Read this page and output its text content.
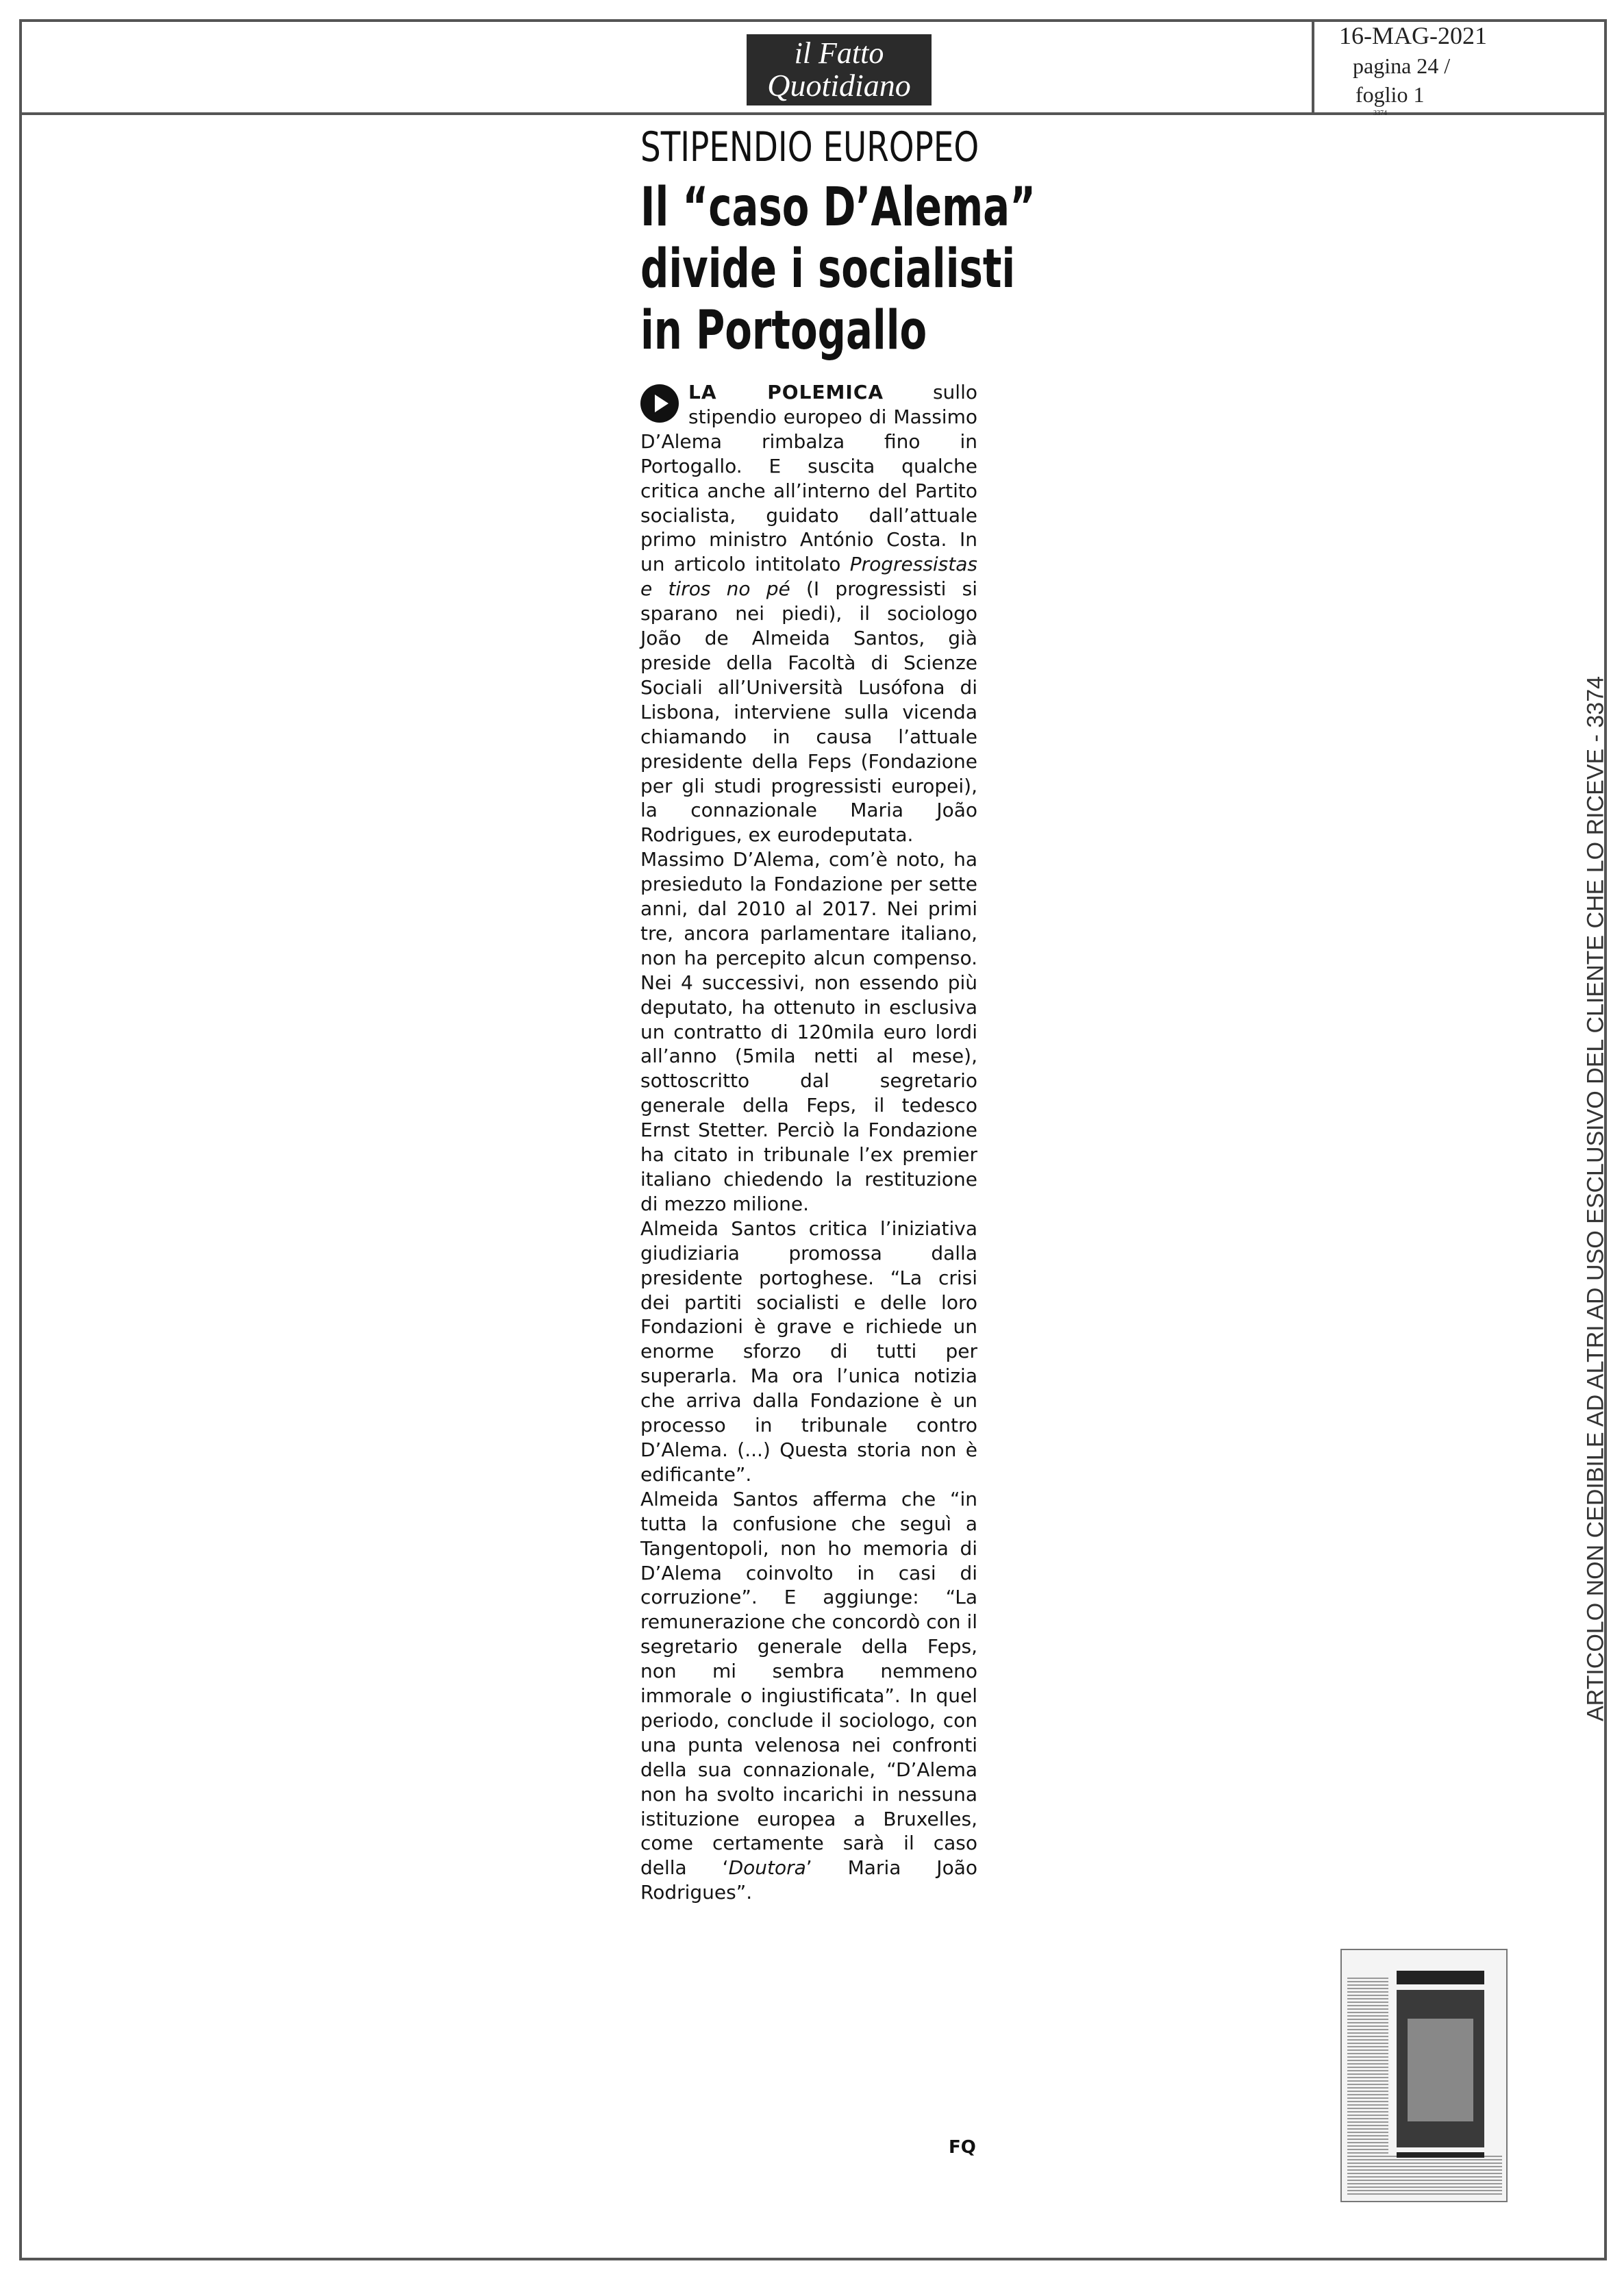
il Fatto
Quotidiano
16-MAG-2021
pagina 24 /
foglio 1
3374
STIPENDIO EUROPEO
Il “caso D’Alema”
divide i socialisti
in Portogallo

LA POLEMICA sullo stipendio europeo di Massimo D’Alema rimbalza fino in Portogallo. E suscita qualche critica anche all’interno del Partito socialista, guidato dall’attuale primo ministro António Costa. In un articolo intitolato Progressistas e tiros no pé (I progressisti si sparano nei piedi), il sociologo João de Almeida Santos, già preside della Facoltà di Scienze Sociali all’Università Lusófona di Lisbona, interviene sulla vicenda chiamando in causa l’attuale presidente della Feps (Fondazione per gli studi progressisti europei), la connazionale Maria João Rodrigues, ex eurodeputata.

Massimo D’Alema, com’è noto, ha presieduto la Fondazione per sette anni, dal 2010 al 2017. Nei primi tre, ancora parlamentare italiano, non ha percepito alcun compenso. Nei 4 successivi, non essendo più deputato, ha ottenuto in esclusiva un contratto di 120mila euro lordi all’anno (5mila netti al mese), sottoscritto dal segretario generale della Feps, il tedesco Ernst Stetter. Perciò la Fondazione ha citato in tribunale l’ex premier italiano chiedendo la restituzione di mezzo milione.

Almeida Santos critica l’iniziativa giudiziaria promossa dalla presidente portoghese. “La crisi dei partiti socialisti e delle loro Fondazioni è grave e richiede un enorme sforzo di tutti per superarla. Ma ora l’unica notizia che arriva dalla Fondazione è un processo in tribunale contro D’Alema. (...) Questa storia non è edificante”.

Almeida Santos afferma che “in tutta la confusione che seguì a Tangentopoli, non ho memoria di D’Alema coinvolto in casi di corruzione”. E aggiunge: “La remunerazione che concordò con il segretario generale della Feps, non mi sembra nemmeno immorale o ingiustificata”. In quel periodo, conclude il sociologo, con una punta velenosa nei confronti della sua connazionale, “D’Alema non ha svolto incarichi in nessuna istituzione europea a Bruxelles, come certamente sarà il caso della ‘Doutora’ Maria João Rodrigues”.

FQ
ARTICOLO NON CEDIBILE AD ALTRI AD USO ESCLUSIVO DEL CLIENTE CHE LO RICEVE - 3374
